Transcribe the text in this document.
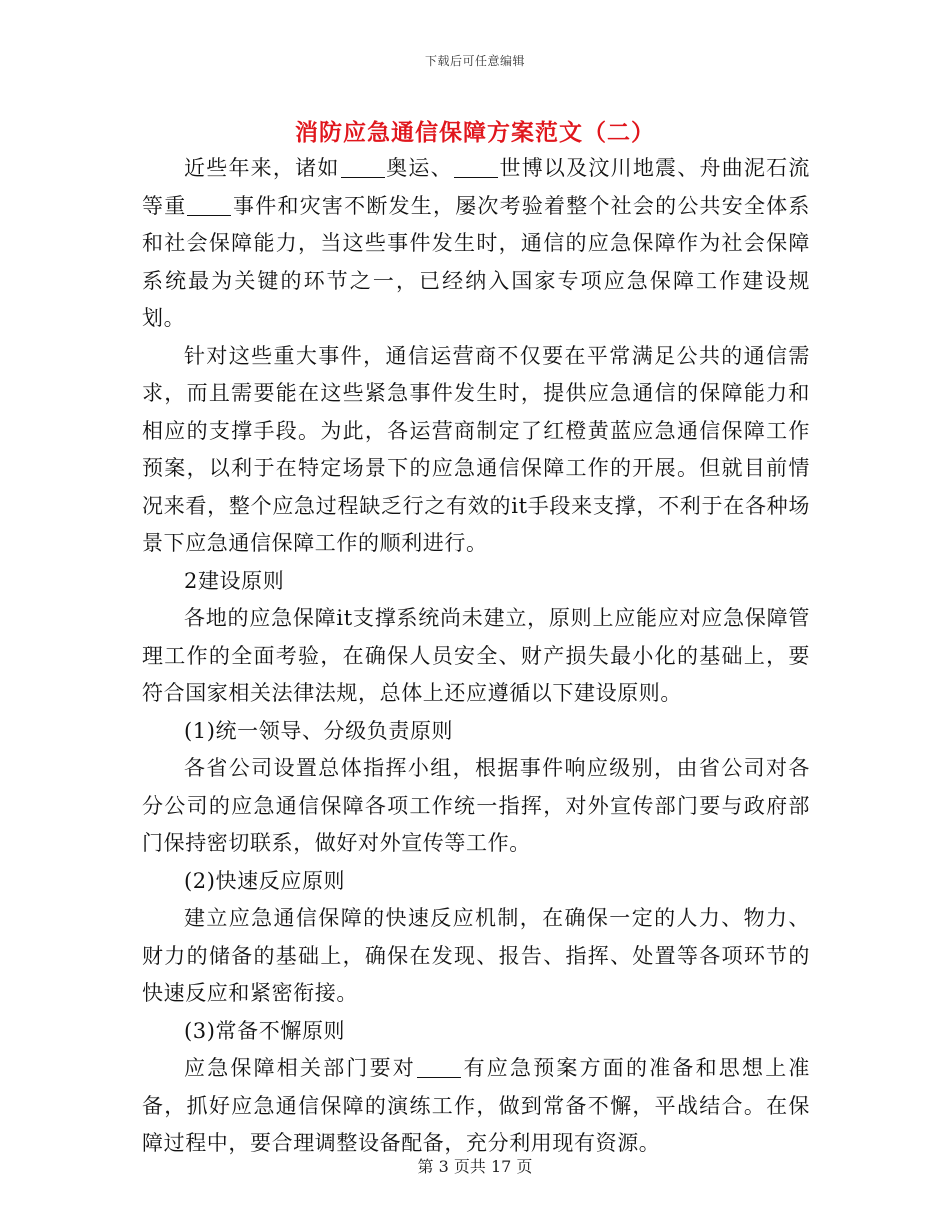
下载后可任意编辑
消防应急通信保障方案范文（二）

近些年来，诸如 奥运、 世博以及汶川地震、舟曲泥石流等重 事件和灾害不断发生，屡次考验着整个社会的公共安全体系和社会保障能力，当这些事件发生时，通信的应急保障作为社会保障系统最为关键的环节之一，已经纳入国家专项应急保障工作建设规划。

针对这些重大事件，通信运营商不仅要在平常满足公共的通信需求，而且需要能在这些紧急事件发生时，提供应急通信的保障能力和相应的支撑手段。为此，各运营商制定了红橙黄蓝应急通信保障工作预案，以利于在特定场景下的应急通信保障工作的开展。但就目前情况来看，整个应急过程缺乏行之有效的it手段来支撑，不利于在各种场景下应急通信保障工作的顺利进行。

2建设原则

各地的应急保障it支撑系统尚未建立，原则上应能应对应急保障管理工作的全面考验，在确保人员安全、财产损失最小化的基础上，要符合国家相关法律法规，总体上还应遵循以下建设原则。

(1)统一领导、分级负责原则

各省公司设置总体指挥小组，根据事件响应级别，由省公司对各分公司的应急通信保障各项工作统一指挥，对外宣传部门要与政府部门保持密切联系，做好对外宣传等工作。

(2)快速反应原则

建立应急通信保障的快速反应机制，在确保一定的人力、物力、财力的储备的基础上，确保在发现、报告、指挥、处置等各项环节的快速反应和紧密衔接。

(3)常备不懈原则

应急保障相关部门要对 有应急预案方面的准备和思想上准备，抓好应急通信保障的演练工作，做到常备不懈，平战结合。在保障过程中，要合理调整设备配备，充分利用现有资源。

第 3 页共 17 页
